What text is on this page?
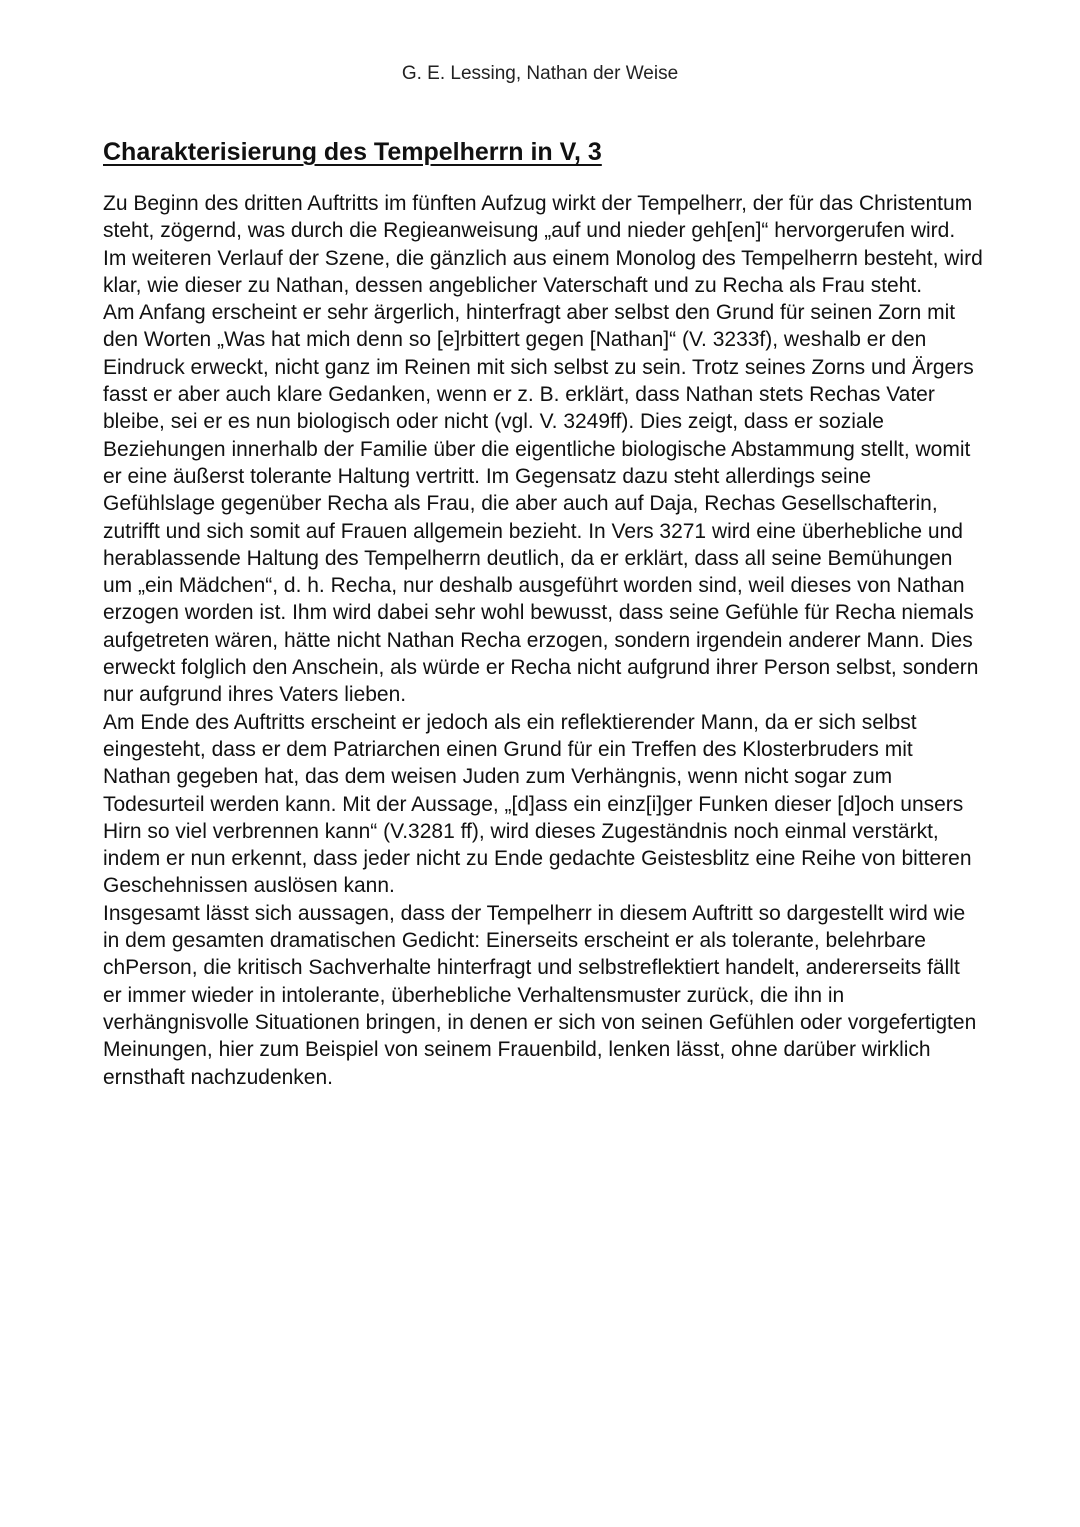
G. E. Lessing, Nathan der Weise
Charakterisierung des Tempelherrn in V, 3

Zu Beginn des dritten Auftritts im fünften Aufzug wirkt der Tempelherr, der für das Christentum steht, zögernd, was durch die Regieanweisung „auf und nieder geh[en]“ hervorgerufen wird. Im weiteren Verlauf der Szene, die gänzlich aus einem Monolog des Tempelherrn besteht, wird klar, wie dieser zu Nathan, dessen angeblicher Vaterschaft und zu Recha als Frau steht.

Am Anfang erscheint er sehr ärgerlich, hinterfragt aber selbst den Grund für seinen Zorn mit den Worten „Was hat mich denn so [e]rbittert gegen [Nathan]“ (V. 3233f), weshalb er den Eindruck erweckt, nicht ganz im Reinen mit sich selbst zu sein. Trotz seines Zorns und Ärgers fasst er aber auch klare Gedanken, wenn er z. B. erklärt, dass Nathan stets Rechas Vater bleibe, sei er es nun biologisch oder nicht (vgl. V. 3249ff). Dies zeigt, dass er soziale Beziehungen innerhalb der Familie über die eigentliche biologische Abstammung stellt, womit er eine äußerst tolerante Haltung vertritt. Im Gegensatz dazu steht allerdings seine Gefühlslage gegenüber Recha als Frau, die aber auch auf Daja, Rechas Gesellschafterin, zutrifft und sich somit auf Frauen allgemein bezieht. In Vers 3271 wird eine überhebliche und herablassende Haltung des Tempelherrn deutlich, da er erklärt, dass all seine Bemühungen um „ein Mädchen“, d. h. Recha, nur deshalb ausgeführt worden sind, weil dieses von Nathan erzogen worden ist. Ihm wird dabei sehr wohl bewusst, dass seine Gefühle für Recha niemals aufgetreten wären, hätte nicht Nathan Recha erzogen, sondern irgendein anderer Mann. Dies erweckt folglich den Anschein, als würde er Recha nicht aufgrund ihrer Person selbst, sondern nur aufgrund ihres Vaters lieben.

Am Ende des Auftritts erscheint er jedoch als ein reflektierender Mann, da er sich selbst eingesteht, dass er dem Patriarchen einen Grund für ein Treffen des Klosterbruders mit Nathan gegeben hat, das dem weisen Juden zum Verhängnis, wenn nicht sogar zum Todesurteil werden kann. Mit der Aussage, „[d]ass ein einz[i]ger Funken dieser [d]och unsers Hirn so viel verbrennen kann“ (V.3281 ff), wird dieses Zugeständnis noch einmal verstärkt, indem er nun erkennt, dass jeder nicht zu Ende gedachte Geistesblitz eine Reihe von bitteren Geschehnissen auslösen kann.

Insgesamt lässt sich aussagen, dass der Tempelherr in diesem Auftritt so dargestellt wird wie in dem gesamten dramatischen Gedicht: Einerseits erscheint er als tolerante, belehrbare chPerson, die kritisch Sachverhalte hinterfragt und selbstreflektiert handelt, andererseits fällt er immer wieder in intolerante, überhebliche Verhaltensmuster zurück, die ihn in verhängnisvolle Situationen bringen, in denen er sich von seinen Gefühlen oder vorgefertigten Meinungen, hier zum Beispiel von seinem Frauenbild, lenken lässt, ohne darüber wirklich ernsthaft nachzudenken.
